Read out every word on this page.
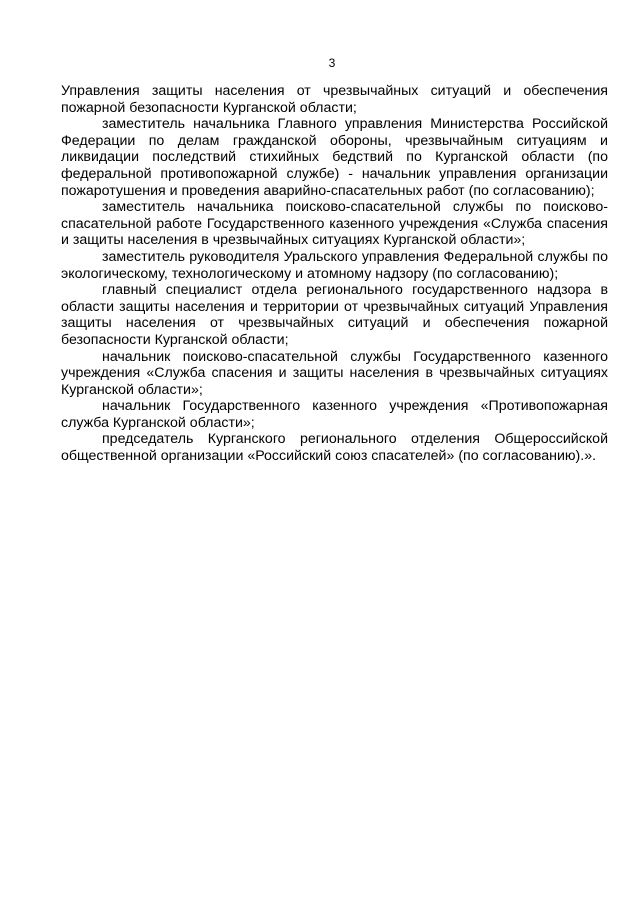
3

Управления защиты населения от чрезвычайных ситуаций и обеспечения пожарной безопасности Курганской области;

заместитель начальника Главного управления Министерства Российской Федерации по делам гражданской обороны, чрезвычайным ситуациям и ликвидации последствий стихийных бедствий по Курганской области (по федеральной противопожарной службе) - начальник управления организации пожаротушения и проведения аварийно-спасательных работ (по согласованию);

заместитель начальника поисково-спасательной службы по поисково-спасательной работе Государственного казенного учреждения «Служба спасения и защиты населения в чрезвычайных ситуациях Курганской области»;

заместитель руководителя Уральского управления Федеральной службы по экологическому, технологическому и атомному надзору (по согласованию);

главный специалист отдела регионального государственного надзора в области защиты населения и территории от чрезвычайных ситуаций Управления защиты населения от чрезвычайных ситуаций и обеспечения пожарной безопасности Курганской области;

начальник поисково-спасательной службы Государственного казенного учреждения «Служба спасения и защиты населения в чрезвычайных ситуациях Курганской области»;

начальник Государственного казенного учреждения «Противопожарная служба Курганской области»;

председатель Курганского регионального отделения Общероссийской общественной организации «Российский союз спасателей» (по согласованию).».
